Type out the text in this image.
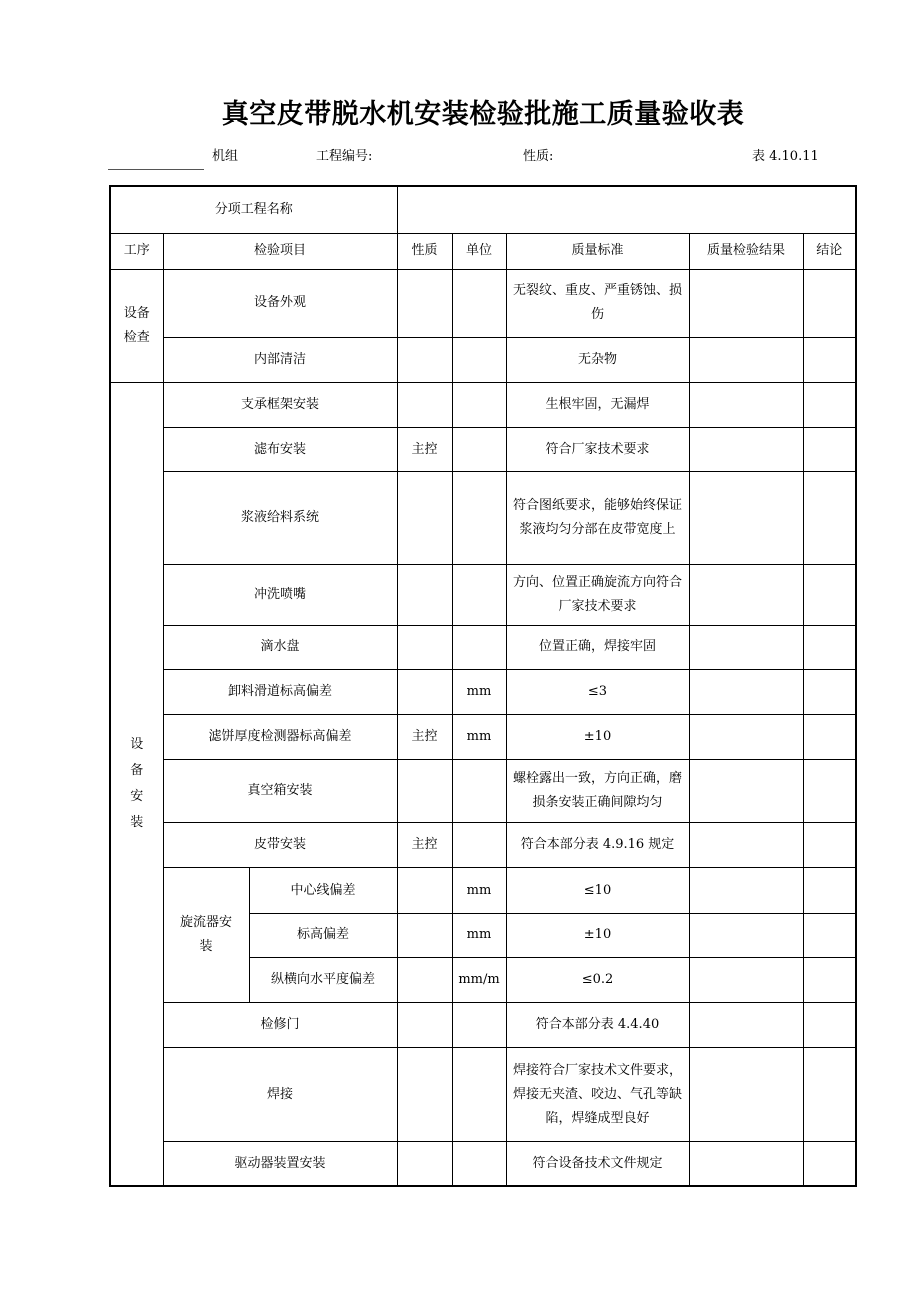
真空皮带脱水机安装检验批施工质量验收表
机组	工程编号:	性质:	表 4.10.11
分项工程名称							
工序	检验项目		性质	单位	质量标准	质量检验结果	结论
设备检查	设备外观				无裂纹、重皮、严重锈蚀、损伤		
	内部清洁				无杂物		

设
备
安
装	支承框架安装				生根牢固，无漏焊		
	滤布安装		主控		符合厂家技术要求		
	浆液给料系统				符合图纸要求，能够始终保证浆液均匀分部在皮带宽度上		
	冲洗喷嘴				方向、位置正确旋流方向符合厂家技术要求		
	滴水盘				位置正确，焊接牢固		
	卸料滑道标高偏差			mm	≤3		
	滤饼厚度检测器标高偏差		主控	mm	±10		
	真空箱安装				螺栓露出一致，方向正确，磨损条安装正确间隙均匀		
	皮带安装		主控		符合本部分表 4.9.16 规定		
	旋流器安装	中心线偏差		mm	≤10		
		标高偏差		mm	±10		
		纵横向水平度偏差		mm/m	≤0.2		
	检修门				符合本部分表 4.4.40		
	焊接				焊接符合厂家技术文件要求，焊接无夹渣、咬边、气孔等缺陷，焊缝成型良好		
	驱动器装置安装				符合设备技术文件规定		
